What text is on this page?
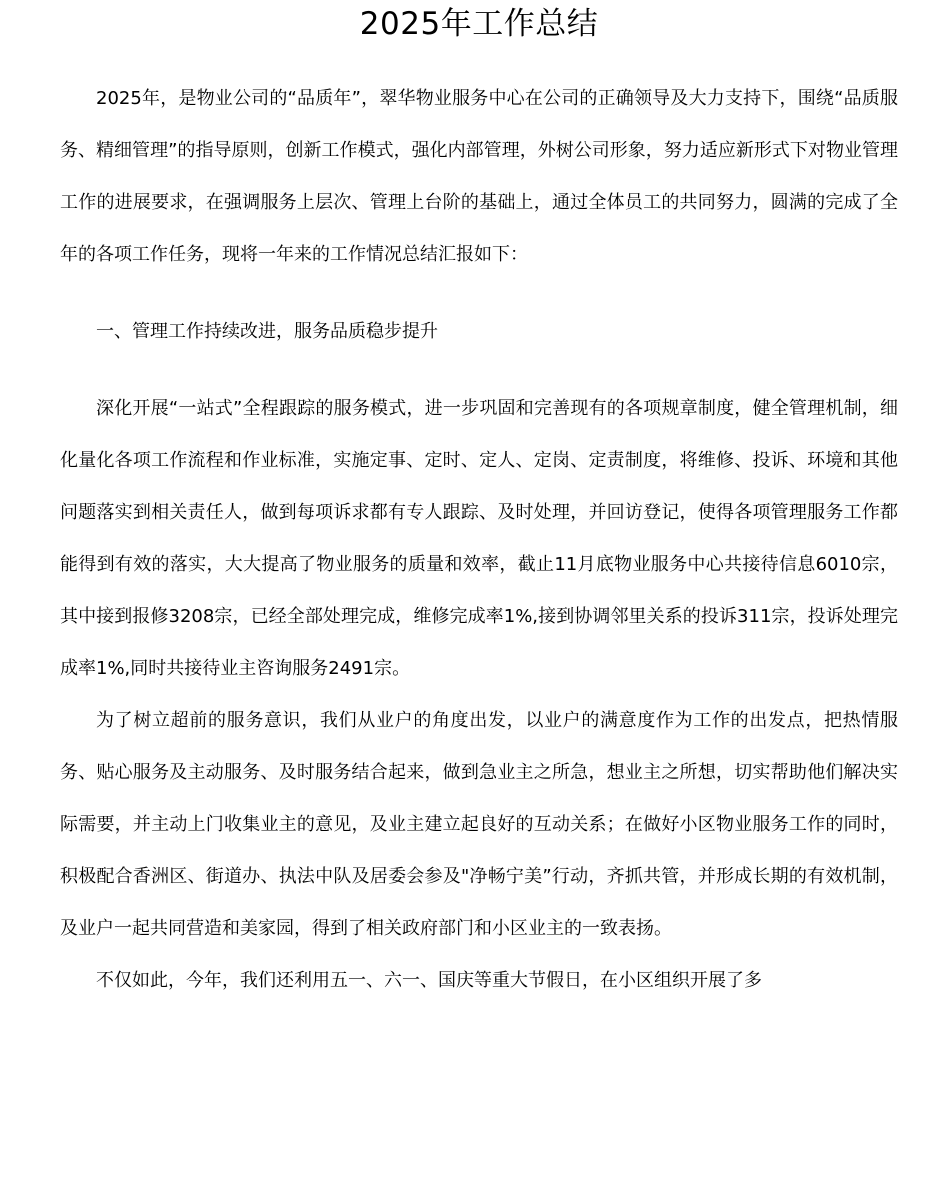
2025年工作总结

2025年，是物业公司的“品质年”，翠华物业服务中心在公司的正确领导及大力支持下，围绕“品质服务、精细管理”的指导原则，创新工作模式，强化内部管理，外树公司形象，努力适应新形式下对物业管理工作的进展要求，在强调服务上层次、管理上台阶的基础上，通过全体员工的共同努力，圆满的完成了全年的各项工作任务，现将一年来的工作情况总结汇报如下：

一、管理工作持续改进，服务品质稳步提升

深化开展“一站式”全程跟踪的服务模式，进一步巩固和完善现有的各项规章制度，健全管理机制，细化量化各项工作流程和作业标准，实施定事、定时、定人、定岗、定责制度，将维修、投诉、环境和其他问题落实到相关责任人，做到每项诉求都有专人跟踪、及时处理，并回访登记，使得各项管理服务工作都能得到有效的落实，大大提高了物业服务的质量和效率，截止11月底物业服务中心共接待信息6010宗，其中接到报修3208宗，已经全部处理完成，维修完成率1%,接到协调邻里关系的投诉311宗，投诉处理完成率1%,同时共接待业主咨询服务2491宗。

为了树立超前的服务意识，我们从业户的角度出发，以业户的满意度作为工作的出发点，把热情服务、贴心服务及主动服务、及时服务结合起来，做到急业主之所急，想业主之所想，切实帮助他们解决实际需要，并主动上门收集业主的意见，及业主建立起良好的互动关系；在做好小区物业服务工作的同时，积极配合香洲区、街道办、执法中队及居委会参及"净畅宁美”行动，齐抓共管，并形成长期的有效机制，及业户一起共同营造和美家园，得到了相关政府部门和小区业主的一致表扬。

不仅如此，今年，我们还利用五一、六一、国庆等重大节假日，在小区组织开展了多
